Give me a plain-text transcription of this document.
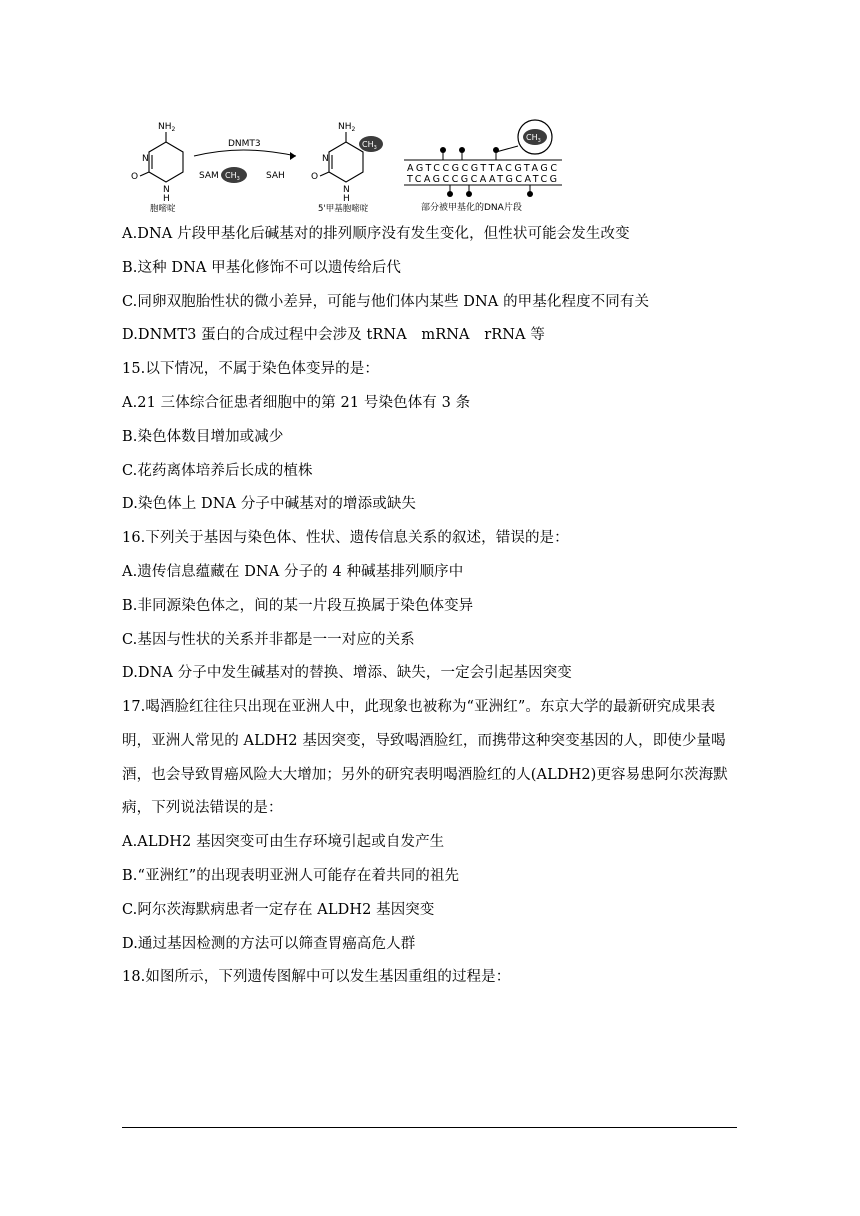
$NH_2$
N
N
O
H
胞嘧啶
DNMT3
SAM $CH_3$	SAH
$NH_2$
$CH_3$
N
N
O
H
5'甲基胞嘧啶
AGTCCGCGTTACGTAGC
TCAGCCGCAATGCATCG
$CH_3$
部分被甲基化的DNA片段
A.DNA 片段甲基化后碱基对的排列顺序没有发生变化，但性状可能会发生改变
B.这种 DNA 甲基化修饰不可以遗传给后代
C.同卵双胞胎性状的微小差异，可能与他们体内某些 DNA 的甲基化程度不同有关
D.DNMT3 蛋白的合成过程中会涉及 tRNA　mRNA　rRNA 等
15.以下情况，不属于染色体变异的是：
A.21 三体综合征患者细胞中的第 21 号染色体有 3 条
B.染色体数目增加或减少
C.花药离体培养后长成的植株
D.染色体上 DNA 分子中碱基对的增添或缺失
16.下列关于基因与染色体、性状、遗传信息关系的叙述，错误的是：
A.遗传信息蕴藏在 DNA 分子的 4 种碱基排列顺序中
B.非同源染色体之，间的某一片段互换属于染色体变异
C.基因与性状的关系并非都是一一对应的关系
D.DNA 分子中发生碱基对的替换、增添、缺失，一定会引起基因突变
17.喝酒脸红往往只出现在亚洲人中，此现象也被称为“亚洲红”。东京大学的最新研究成果表
明，亚洲人常见的 ALDH2 基因突变，导致喝酒脸红，而携带这种突变基因的人，即使少量喝
酒，也会导致胃癌风险大大增加；另外的研究表明喝酒脸红的人(ALDH2)更容易患阿尔茨海默
病，下列说法错误的是：
A.ALDH2 基因突变可由生存环境引起或自发产生
B.“亚洲红”的出现表明亚洲人可能存在着共同的祖先
C.阿尔茨海默病患者一定存在 ALDH2 基因突变
D.通过基因检测的方法可以筛查胃癌高危人群
18.如图所示，下列遗传图解中可以发生基因重组的过程是：
